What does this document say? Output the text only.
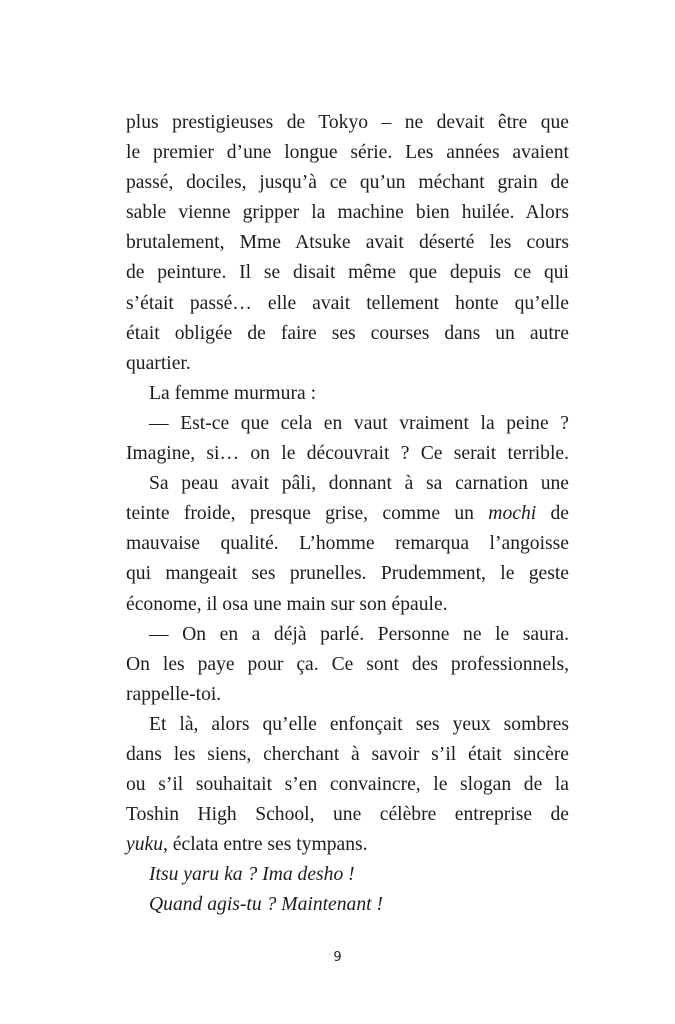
plus prestigieuses de Tokyo – ne devait être que
le premier d’une longue série. Les années avaient
passé, dociles, jusqu’à ce qu’un méchant grain de
sable vienne gripper la machine bien huilée. Alors
brutalement, Mme Atsuke avait déserté les cours
de peinture. Il se disait même que depuis ce qui
s’était passé… elle avait tellement honte qu’elle
était obligée de faire ses courses dans un autre
quartier.
La femme murmura :
— Est-ce que cela en vaut vraiment la peine ?
Imagine, si… on le découvrait ? Ce serait terrible.
Sa peau avait pâli, donnant à sa carnation une
teinte froide, presque grise, comme un mochi de
mauvaise qualité. L’homme remarqua l’angoisse
qui mangeait ses prunelles. Prudemment, le geste
économe, il osa une main sur son épaule.
— On en a déjà parlé. Personne ne le saura.
On les paye pour ça. Ce sont des professionnels,
rappelle-toi.
Et là, alors qu’elle enfonçait ses yeux sombres
dans les siens, cherchant à savoir s’il était sincère
ou s’il souhaitait s’en convaincre, le slogan de la
Toshin High School, une célèbre entreprise de
yuku, éclata entre ses tympans.
Itsu yaru ka ? Ima desho !
Quand agis-tu ? Maintenant !
9
